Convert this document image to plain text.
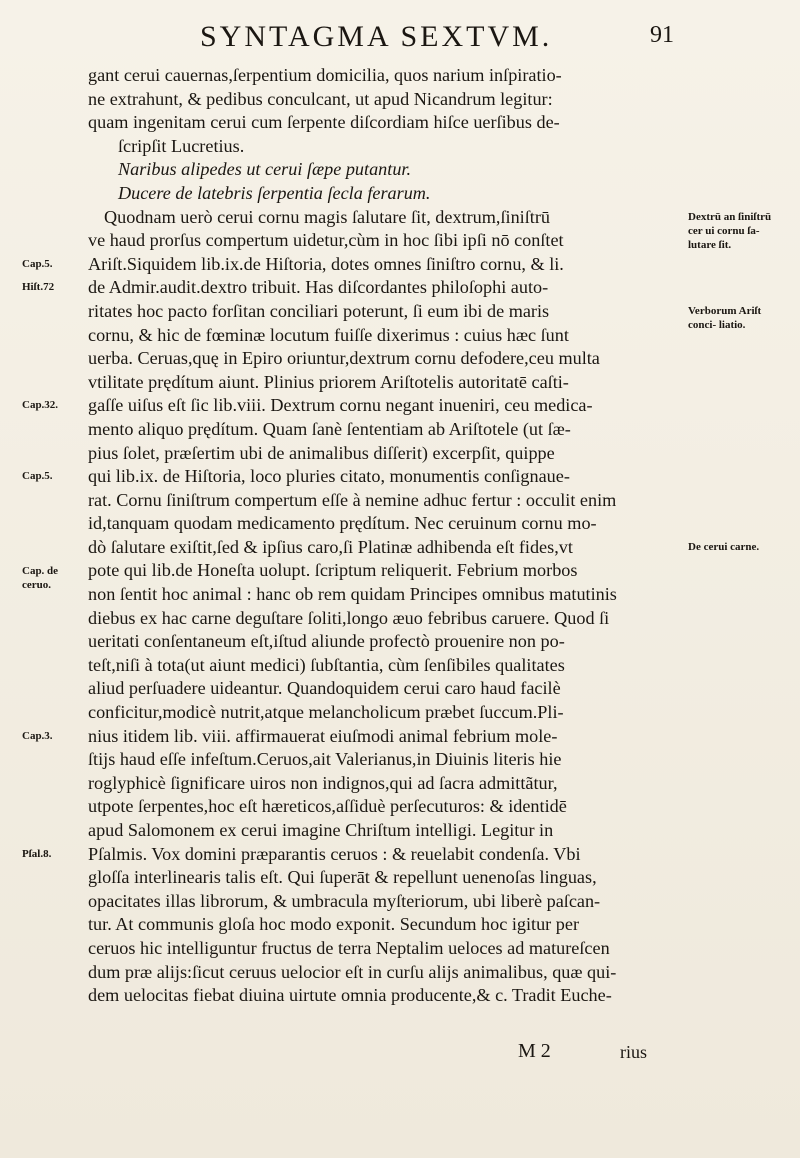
SYNTAGMA SEXTVM.	91
Cap.5.
Hiſt.72
Cap.32.
Cap.5.
Cap. de ceruo.
Cap.3.
Pſal.8.
gant cerui cauernas,ſerpentium domicilia, quos narium inſpiratio-
ne extrahunt, & pedibus conculcant, ut apud Nicandrum legitur:
quam ingenitam cerui cum ſerpente diſcordiam hiſce uerſibus de-
ſcripſit Lucretius.
Naribus alipedes ut cerui ſæpe putantur.
Ducere de latebris ſerpentia ſecla ferarum.
Quodnam uerò cerui cornu magis ſalutare ſit, dextrum,ſiniſtrū
ve haud prorſus compertum uidetur,cùm in hoc ſibi ipſi nō conſtet
Ariſt.Siquidem lib.ix.de Hiſtoria, dotes omnes ſiniſtro cornu, & li.
de Admir.audit.dextro tribuit. Has diſcordantes philoſophi auto-
ritates hoc pacto forſitan conciliari poterunt, ſi eum ibi de maris
cornu, & hic de fœminæ locutum fuiſſe dixerimus : cuius hæc ſunt
uerba. Ceruas,quę in Epiro oriuntur,dextrum cornu defodere,ceu multa
vtilitate prędítum aiunt. Plinius priorem Ariſtotelis autoritatē caſti-
gaſſe uiſus eſt ſic lib.viii. Dextrum cornu negant inueniri, ceu medica-
mento aliquo prędítum. Quam ſanè ſententiam ab Ariſtotele (ut ſæ-
pius ſolet, præſertim ubi de animalibus diſſerit) excerpſit, quippe
qui lib.ix. de Hiſtoria, loco pluries citato, monumentis conſignaue-
rat. Cornu ſiniſtrum compertum eſſe à nemine adhuc fertur : occulit enim
id,tanquam quodam medicamento prędítum. Nec ceruinum cornu mo-
dò ſalutare exiſtit,ſed & ipſius caro,ſi Platinæ adhibenda eſt fides,vt
pote qui lib.de Honeſta uolupt. ſcriptum reliquerit. Febrium morbos
non ſentit hoc animal : hanc ob rem quidam Principes omnibus matutinis
diebus ex hac carne deguſtare ſoliti,longo æuo febribus caruere. Quod ſi
ueritati conſentaneum eſt,iſtud aliunde profectò prouenire non po-
teſt,niſi à tota(ut aiunt medici) ſubſtantia, cùm ſenſibiles qualitates
aliud perſuadere uideantur. Quandoquidem cerui caro haud facilè
conficitur,modicè nutrit,atque melancholicum præbet ſuccum.Pli-
nius itidem lib. viii. affirmauerat eiuſmodi animal febrium mole-
ſtijs haud eſſe infeſtum.Ceruos,ait Valerianus,in Diuinis literis hie
roglyphicè ſignificare uiros non indignos,qui ad ſacra admittãtur,
utpote ſerpentes,hoc eſt hæreticos,aſſiduè perſecuturos: & identidē
apud Salomonem ex cerui imagine Chriſtum intelligi. Legitur in
Pſalmis. Vox domini præparantis ceruos : & reuelabit condenſa. Vbi
gloſſa interlinearis talis eſt. Qui ſuperāt & repellunt uenenoſas linguas,
opacitates illas librorum, & umbracula myſteriorum, ubi liberè paſcan-
tur. At communis gloſa hoc modo exponit. Secundum hoc igitur per
ceruos hic intelliguntur fructus de terra Neptalim ueloces ad matureſcen
dum præ alijs:ſicut ceruus uelocior eſt in curſu alijs animalibus, quæ qui-
dem uelocitas fiebat diuina uirtute omnia producente,& c. Tradit Euche-
Dextrū an ſiniſtrū cer ui cornu ſa- lutare ſit.
Verborum Ariſt conci- liatio.
De cerui carne.
M 2	rius
